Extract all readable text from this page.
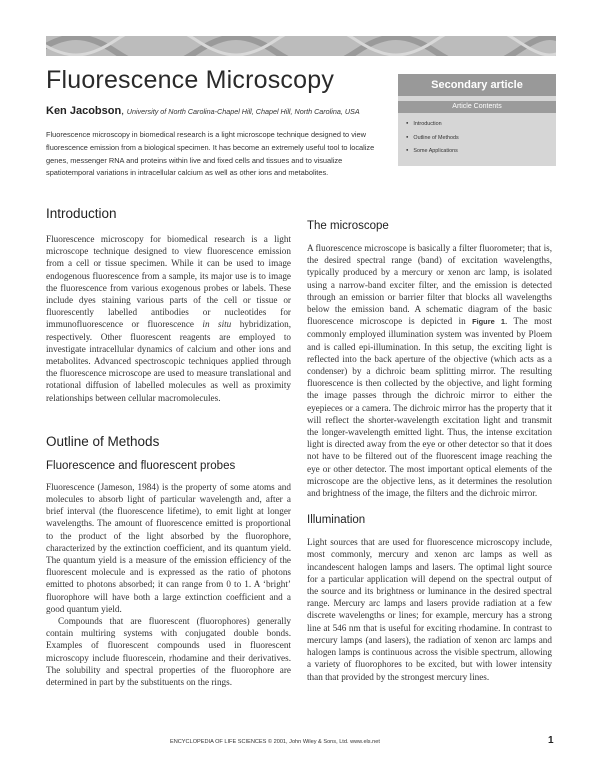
Fluorescence Microscopy
Ken Jacobson, University of North Carolina-Chapel Hill, Chapel Hill, North Carolina, USA
Secondary article
Article Contents
● Introduction
● Outline of Methods
● Some Applications
Fluorescence microscopy in biomedical research is a light microscope technique designed to view fluorescence emission from a biological specimen. It has become an extremely useful tool to localize genes, messenger RNA and proteins within live and fixed cells and tissues and to visualize spatiotemporal variations in intracellular calcium as well as other ions and metabolites.
Introduction

Fluorescence microscopy for biomedical research is a light microscope technique designed to view fluorescence emission from a cell or tissue specimen. While it can be used to image endogenous fluorescence from a sample, its major use is to image the fluorescence from various exogenous probes or labels. These include dyes staining various parts of the cell or tissue or fluorescently labelled antibodies or nucleotides for immunofluorescence or fluorescence in situ hybridization, respectively. Other fluorescent reagents are employed to investigate intracellular dynamics of calcium and other ions and metabolites. Advanced spectroscopic techniques applied through the fluorescence microscope are used to measure translational and rotational diffusion of labelled molecules as well as proximity relationships between cellular macromolecules.

Outline of Methods
Fluorescence and fluorescent probes

Fluorescence (Jameson, 1984) is the property of some atoms and molecules to absorb light of particular wavelength and, after a brief interval (the fluorescence lifetime), to emit light at longer wavelengths. The amount of fluorescence emitted is proportional to the product of the light absorbed by the fluorophore, characterized by the extinction coefficient, and its quantum yield. The quantum yield is a measure of the emission efficiency of the fluorescent molecule and is expressed as the ratio of photons emitted to photons absorbed; it can range from 0 to 1. A ‘bright’ fluorophore will have both a large extinction coefficient and a good quantum yield.

Compounds that are fluorescent (fluorophores) generally contain multiring systems with conjugated double bonds. Examples of fluorescent compounds used in fluorescent microscopy include fluorescein, rhodamine and their derivatives. The solubility and spectral properties of the fluorophore are determined in part by the substituents on the rings.

The microscope

A fluorescence microscope is basically a filter fluorometer; that is, the desired spectral range (band) of excitation wavelengths, typically produced by a mercury or xenon arc lamp, is isolated using a narrow-band exciter filter, and the emission is detected through an emission or barrier filter that blocks all wavelengths below the emission band. A schematic diagram of the basic fluorescence microscope is depicted in Figure 1. The most commonly employed illumination system was invented by Ploem and is called epi-illumination. In this setup, the exciting light is reflected into the back aperture of the objective (which acts as a condenser) by a dichroic beam splitting mirror. The resulting fluorescence is then collected by the objective, and light forming the image passes through the dichroic mirror to either the eyepieces or a camera. The dichroic mirror has the property that it will reflect the shorter-wavelength excitation light and transmit the longer-wavelength emitted light. Thus, the intense excitation light is directed away from the eye or other detector so that it does not have to be filtered out of the fluorescent image reaching the eye or other detector. The most important optical elements of the microscope are the objective lens, as it determines the resolution and brightness of the image, the filters and the dichroic mirror.

Illumination

Light sources that are used for fluorescence microscopy include, most commonly, mercury and xenon arc lamps as well as incandescent halogen lamps and lasers. The optimal light source for a particular application will depend on the spectral output of the source and its brightness or luminance in the desired spectral range. Mercury arc lamps and lasers provide radiation at a few discrete wavelengths or lines; for example, mercury has a strong line at 546 nm that is useful for exciting rhodamine. In contrast to mercury lamps (and lasers), the radiation of xenon arc lamps and halogen lamps is continuous across the visible spectrum, allowing a variety of fluorophores to be excited, but with lower intensity than that provided by the strongest mercury lines.

ENCYCLOPEDIA OF LIFE SCIENCES © 2001, John Wiley & Sons, Ltd. www.els.net	1
